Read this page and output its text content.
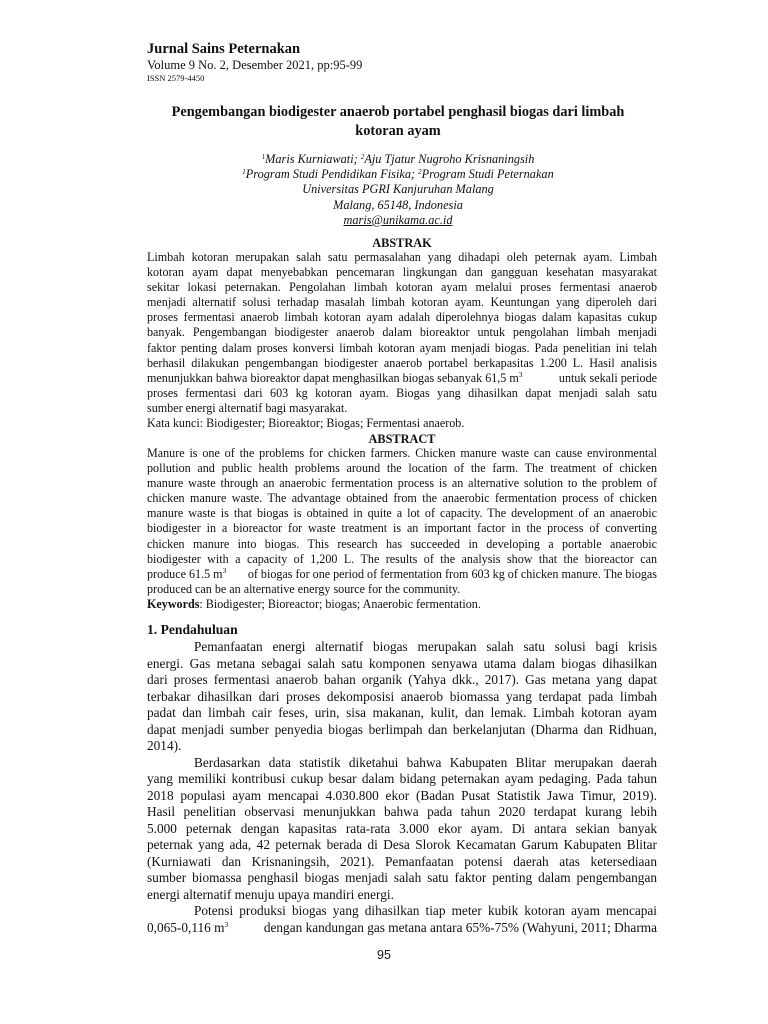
Jurnal Sains Peternakan
Volume 9 No. 2, Desember 2021, pp:95-99
ISSN 2579-4450
Pengembangan biodigester anaerob portabel penghasil biogas dari limbah
kotoran ayam
$^1$Maris Kurniawati; $^2$Aju Tjatur Nugroho Krisnaningsih
$^1$Program Studi Pendidikan Fisika; $^2$Program Studi Peternakan
Universitas PGRI Kanjuruhan Malang
Malang, 65148, Indonesia
maris@unikama.ac.id
ABSTRAK
Limbah kotoran merupakan salah satu permasalahan yang dihadapi oleh peternak ayam. Limbah
kotoran ayam dapat menyebabkan pencemaran lingkungan dan gangguan kesehatan masyarakat
sekitar lokasi peternakan. Pengolahan limbah kotoran ayam melalui proses fermentasi anaerob
menjadi alternatif solusi terhadap masalah limbah kotoran ayam. Keuntungan yang diperoleh dari
proses fermentasi anaerob limbah kotoran ayam adalah diperolehnya biogas dalam kapasitas cukup
banyak. Pengembangan biodigester anaerob dalam bioreaktor untuk pengolahan limbah menjadi
faktor penting dalam proses konversi limbah kotoran ayam menjadi biogas. Pada penelitian ini telah
berhasil dilakukan pengembangan biodigester anaerob portabel berkapasitas 1.200 L. Hasil analisis
menunjukkan bahwa bioreaktor dapat menghasilkan biogas sebanyak 61,5 $m^3$	untuk sekali periode
proses fermentasi dari 603 kg kotoran ayam. Biogas yang dihasilkan dapat menjadi salah satu
sumber energi alternatif bagi masyarakat.
Kata kunci: Biodigester; Bioreaktor; Biogas; Fermentasi anaerob.
ABSTRACT
Manure is one of the problems for chicken farmers. Chicken manure waste can cause environmental
pollution and public health problems around the location of the farm. The treatment of chicken
manure waste through an anaerobic fermentation process is an alternative solution to the problem of
chicken manure waste. The advantage obtained from the anaerobic fermentation process of chicken
manure waste is that biogas is obtained in quite a lot of capacity. The development of an anaerobic
biodigester in a bioreactor for waste treatment is an important factor in the process of converting
chicken manure into biogas. This research has succeeded in developing a portable anaerobic
biodigester with a capacity of 1,200 L. The results of the analysis show that the bioreactor can
produce 61.5 $m^3$ of biogas for one period of fermentation from 603 kg of chicken manure. The biogas
produced can be an alternative energy source for the community.
Keywords: Biodigester; Bioreactor; biogas; Anaerobic fermentation.
1. Pendahuluan
Pemanfaatan energi alternatif biogas merupakan salah satu solusi bagi krisis
energi. Gas metana sebagai salah satu komponen senyawa utama dalam biogas dihasilkan
dari proses fermentasi anaerob bahan organik (Yahya dkk., 2017). Gas metana yang dapat
terbakar dihasilkan dari proses dekomposisi anaerob biomassa yang terdapat pada limbah
padat dan limbah cair feses, urin, sisa makanan, kulit, dan lemak. Limbah kotoran ayam
dapat menjadi sumber penyedia biogas berlimpah dan berkelanjutan (Dharma dan Ridhuan,
2014).
Berdasarkan data statistik diketahui bahwa Kabupaten Blitar merupakan daerah
yang memiliki kontribusi cukup besar dalam bidang peternakan ayam pedaging. Pada tahun
2018 populasi ayam mencapai 4.030.800 ekor (Badan Pusat Statistik Jawa Timur, 2019).
Hasil penelitian observasi menunjukkan bahwa pada tahun 2020 terdapat kurang lebih
5.000 peternak dengan kapasitas rata-rata 3.000 ekor ayam. Di antara sekian banyak
peternak yang ada, 42 peternak berada di Desa Slorok Kecamatan Garum Kabupaten Blitar
(Kurniawati dan Krisnaningsih, 2021). Pemanfaatan potensi daerah atas ketersediaan
sumber biomassa penghasil biogas menjadi salah satu faktor penting dalam pengembangan
energi alternatif menuju upaya mandiri energi.
Potensi produksi biogas yang dihasilkan tiap meter kubik kotoran ayam mencapai
0,065-0,116 $m^3$	dengan kandungan gas metana antara 65%-75% (Wahyuni, 2011; Dharma
95
